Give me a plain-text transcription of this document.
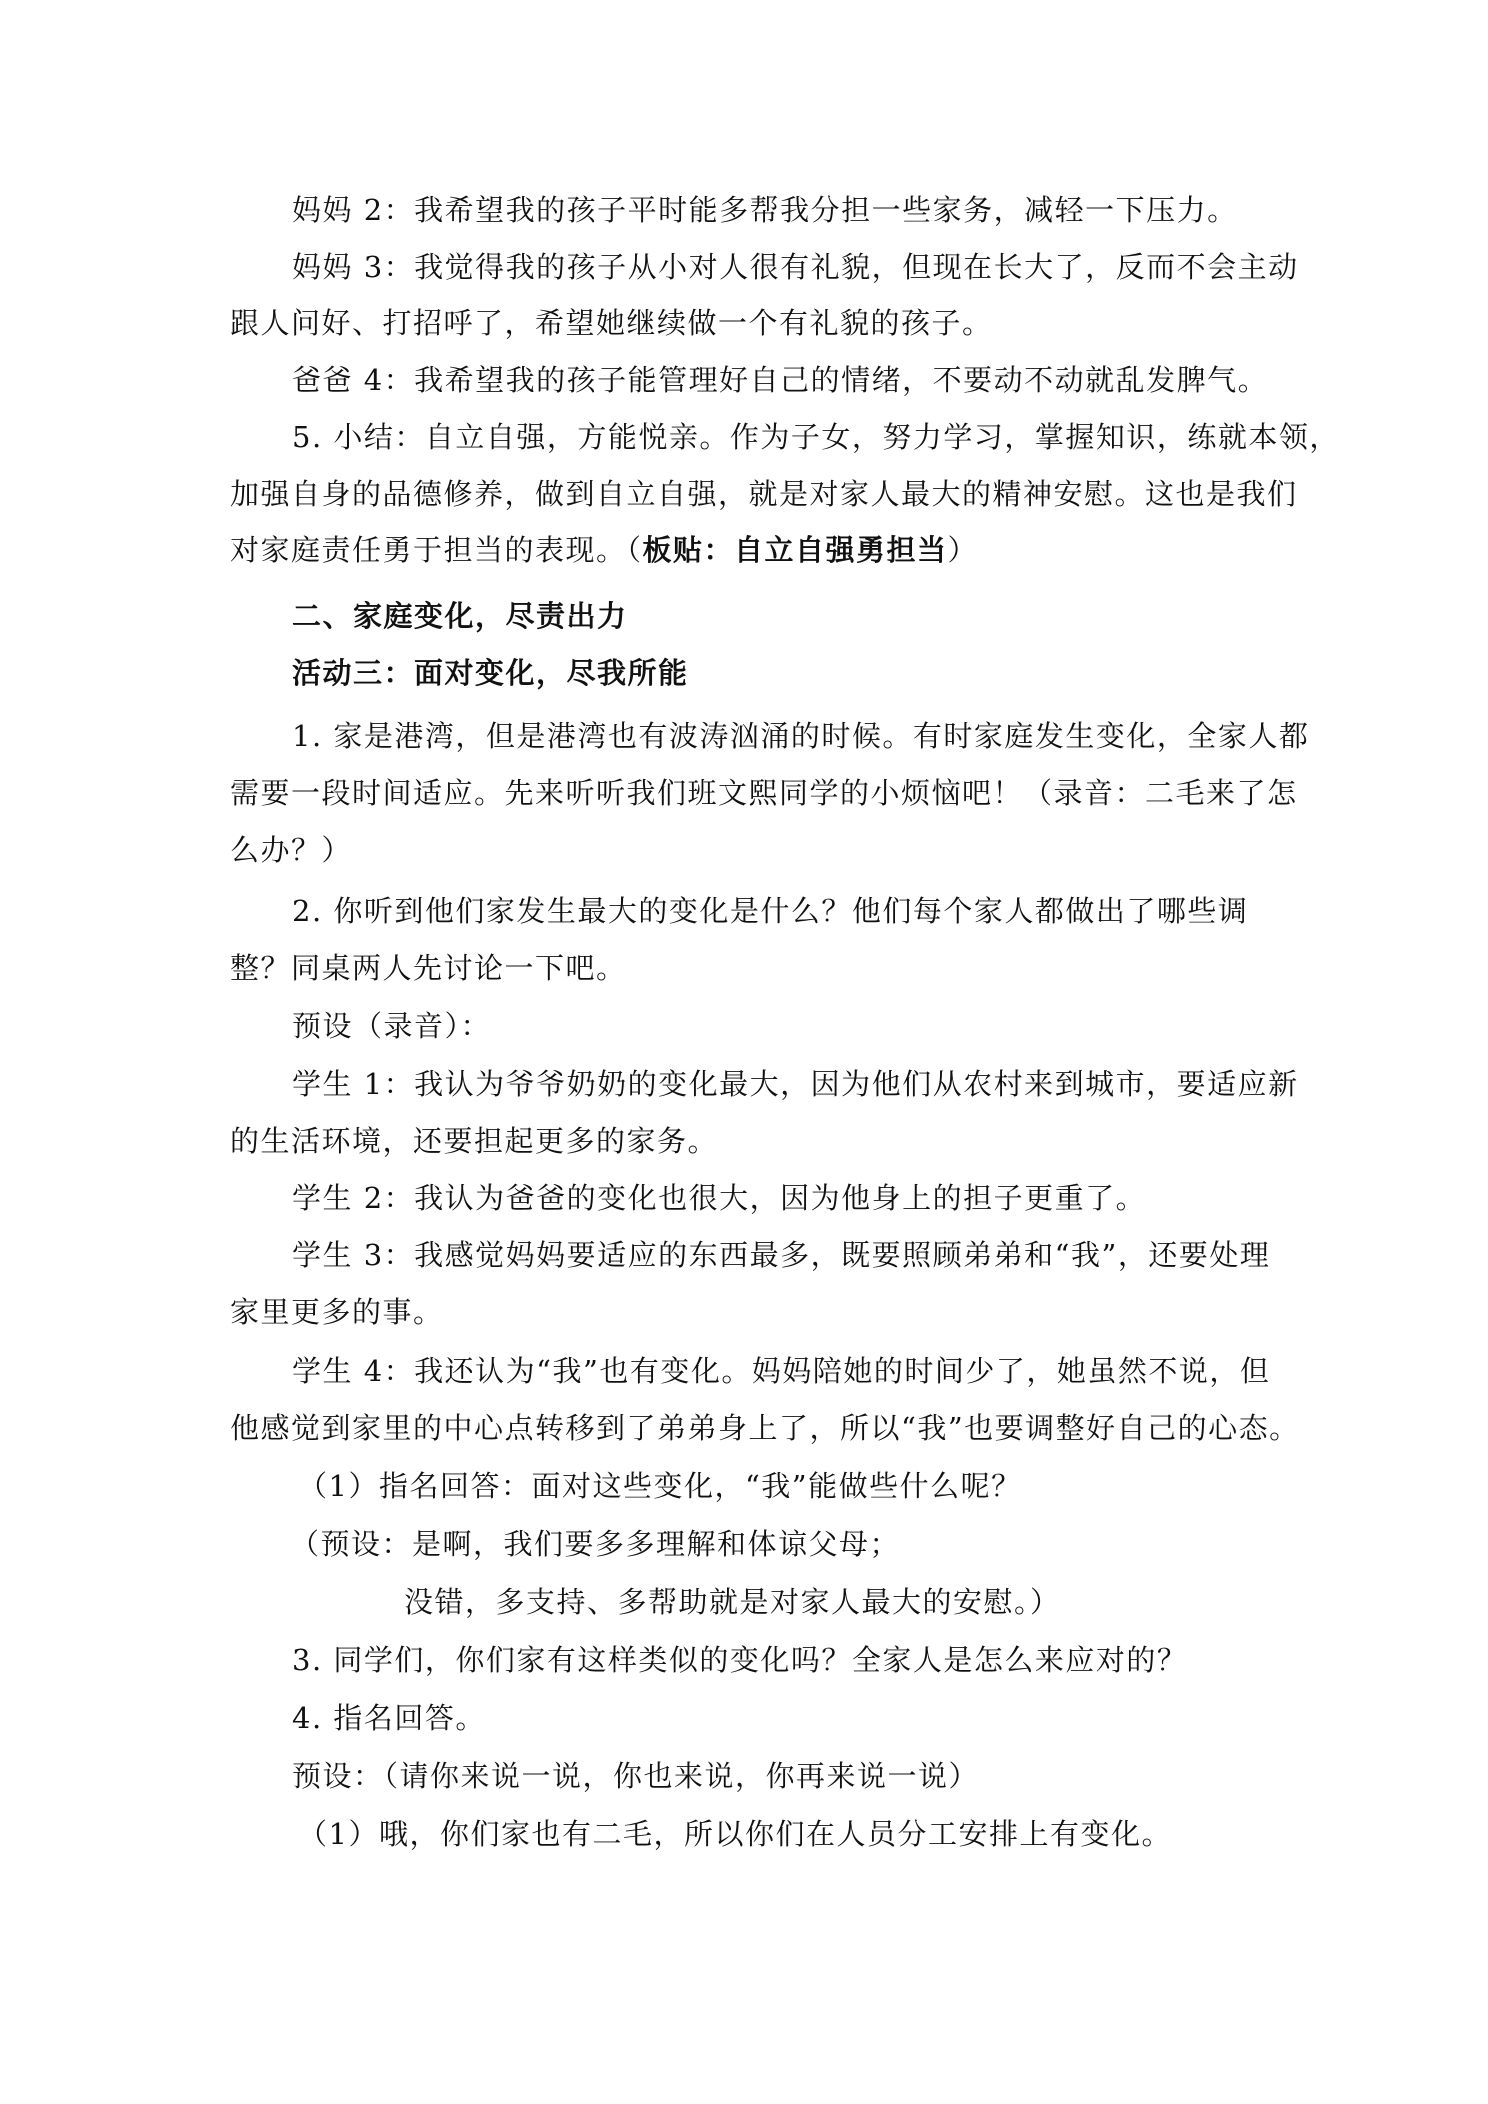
妈妈 2：我希望我的孩子平时能多帮我分担一些家务，减轻一下压力。
妈妈 3：我觉得我的孩子从小对人很有礼貌，但现在长大了，反而不会主动
跟人问好、打招呼了，希望她继续做一个有礼貌的孩子。
爸爸 4：我希望我的孩子能管理好自己的情绪，不要动不动就乱发脾气。
5. 小结：自立自强，方能悦亲。作为子女，努力学习，掌握知识，练就本领，
加强自身的品德修养，做到自立自强，就是对家人最大的精神安慰。这也是我们
对家庭责任勇于担当的表现。（板贴：自立自强勇担当）
二、家庭变化，尽责出力
活动三：面对变化，尽我所能
1. 家是港湾，但是港湾也有波涛汹涌的时候。有时家庭发生变化，全家人都
需要一段时间适应。先来听听我们班文熙同学的小烦恼吧！（录音：二毛来了怎
么办？）
2. 你听到他们家发生最大的变化是什么？他们每个家人都做出了哪些调
整？同桌两人先讨论一下吧。
预设（录音）：
学生 1：我认为爷爷奶奶的变化最大，因为他们从农村来到城市，要适应新
的生活环境，还要担起更多的家务。
学生 2：我认为爸爸的变化也很大，因为他身上的担子更重了。
学生 3：我感觉妈妈要适应的东西最多，既要照顾弟弟和“我”，还要处理
家里更多的事。
学生 4：我还认为“我”也有变化。妈妈陪她的时间少了，她虽然不说，但
他感觉到家里的中心点转移到了弟弟身上了，所以“我”也要调整好自己的心态。
（1）指名回答：面对这些变化，“我”能做些什么呢？
（预设：是啊，我们要多多理解和体谅父母；
没错，多支持、多帮助就是对家人最大的安慰。）
3. 同学们，你们家有这样类似的变化吗？全家人是怎么来应对的？
4. 指名回答。
预设：（请你来说一说，你也来说，你再来说一说）
（1）哦，你们家也有二毛，所以你们在人员分工安排上有变化。
